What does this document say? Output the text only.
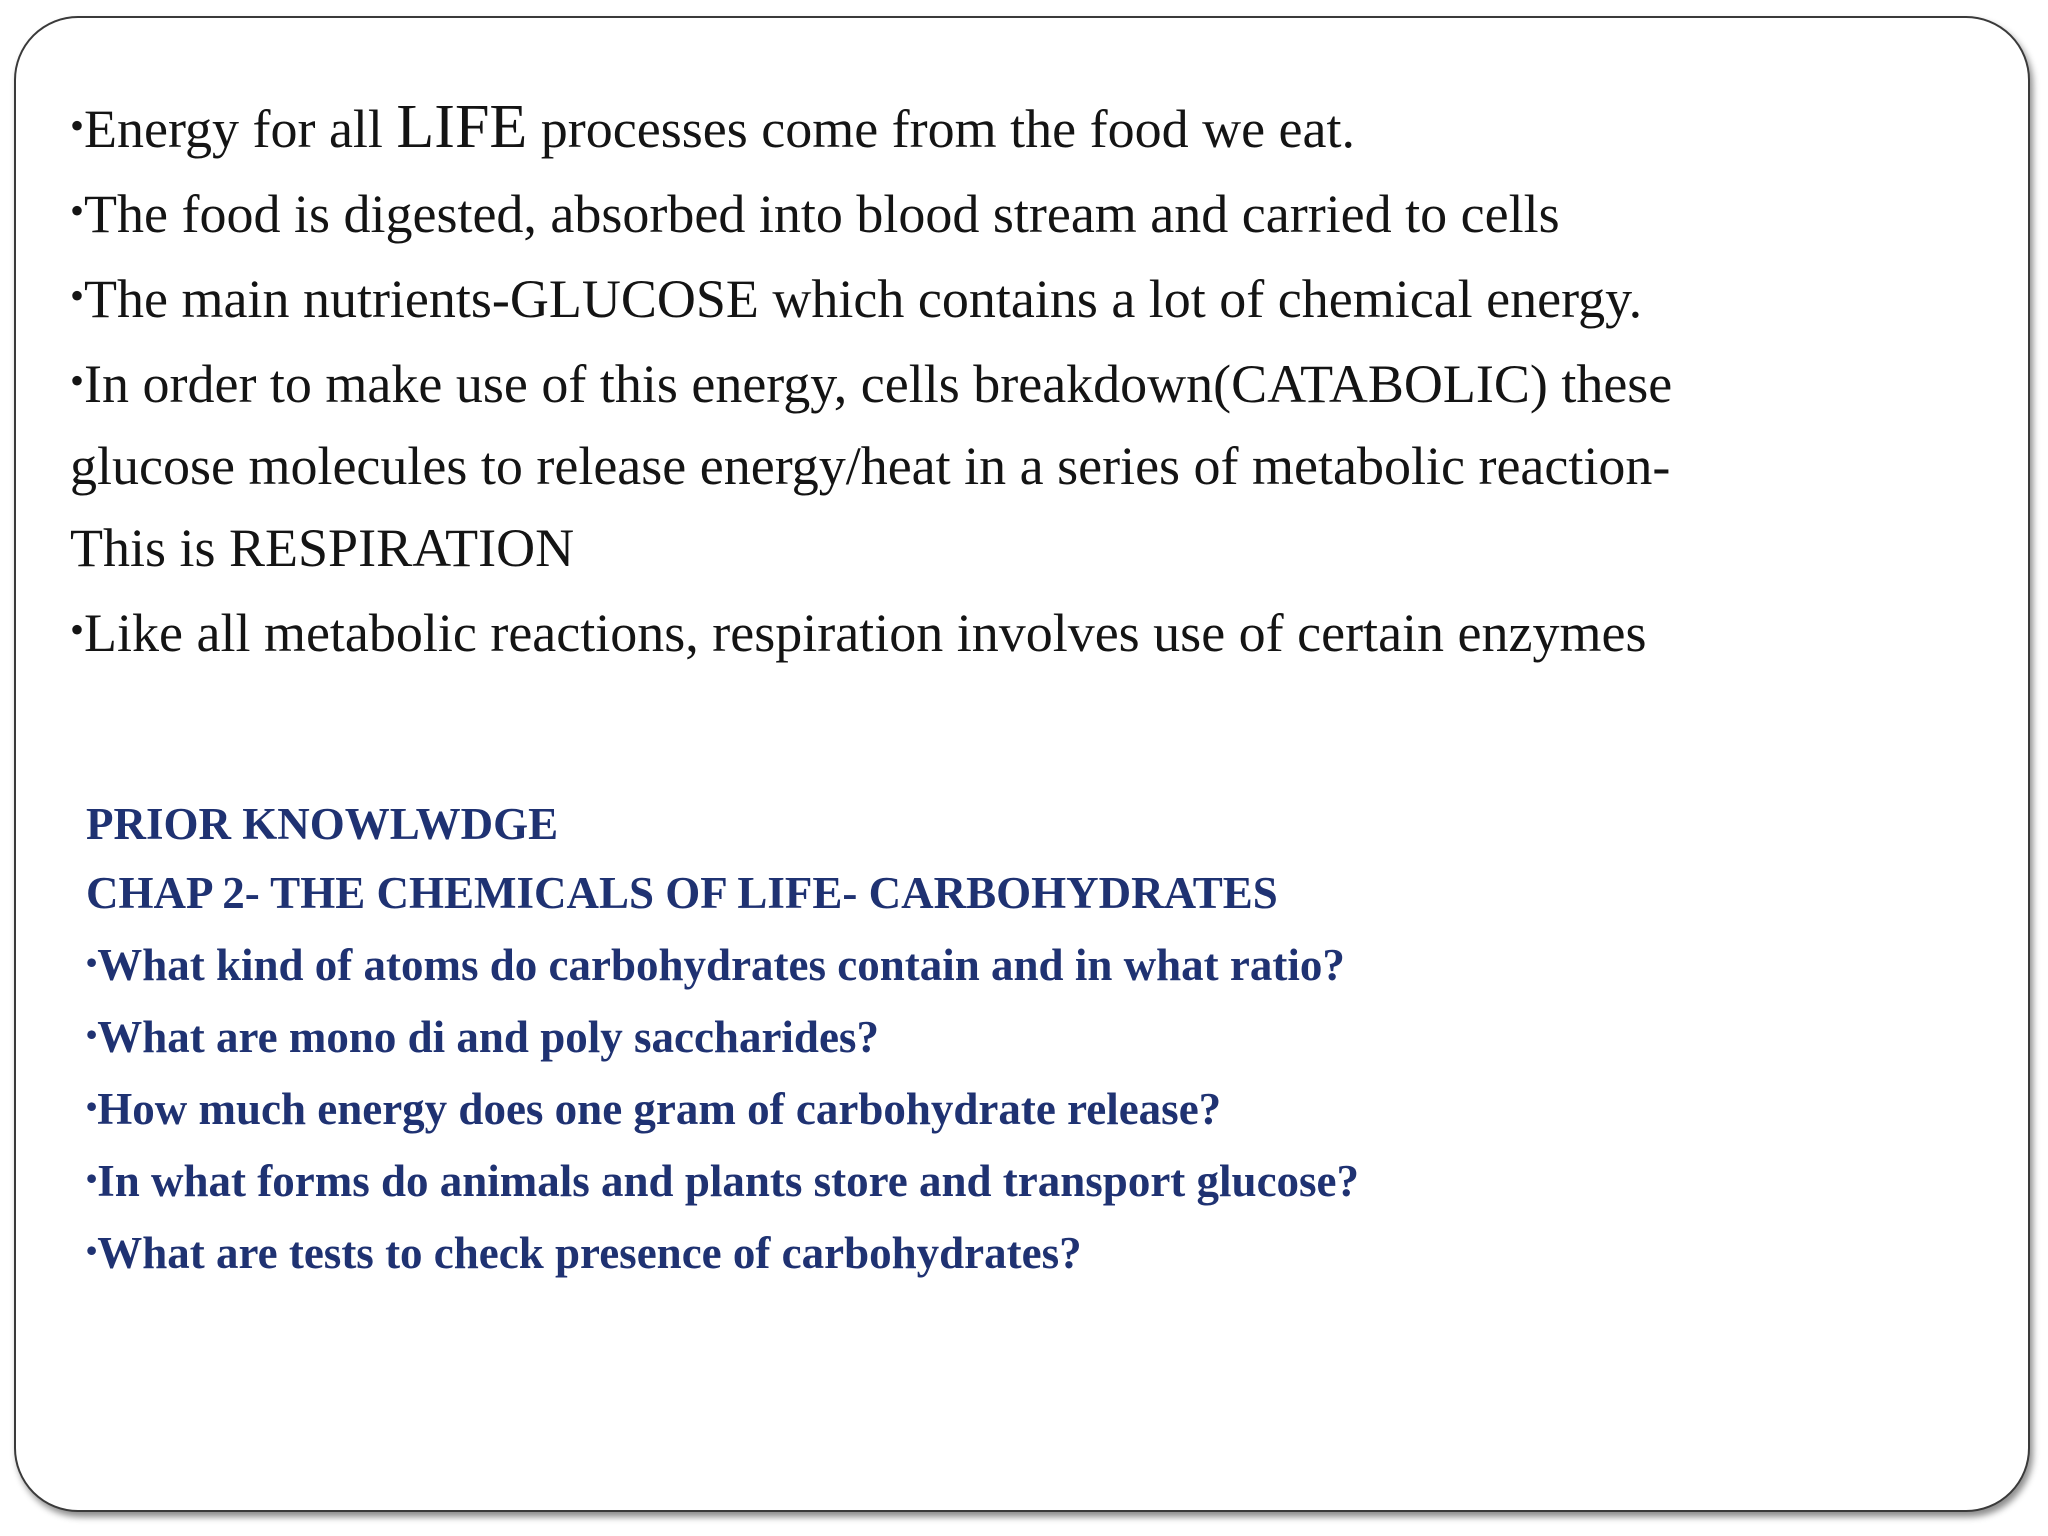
•Energy for all LIFE processes come from the food we eat.
•The food is digested, absorbed into blood stream and carried to cells
•The main nutrients-GLUCOSE which contains a lot of chemical energy.
•In order to make use of this energy, cells breakdown(CATABOLIC) these
glucose molecules to release energy/heat in a series of metabolic reaction-
This is RESPIRATION
•Like all metabolic reactions, respiration involves use of certain enzymes
PRIOR KNOWLWDGE
CHAP 2- THE CHEMICALS OF LIFE- CARBOHYDRATES
•What kind of atoms do carbohydrates contain and in what ratio?
•What are mono di and poly saccharides?
•How much energy does one gram of carbohydrate release?
•In what forms do animals and plants store and transport glucose?
•What are tests to check presence of carbohydrates?
